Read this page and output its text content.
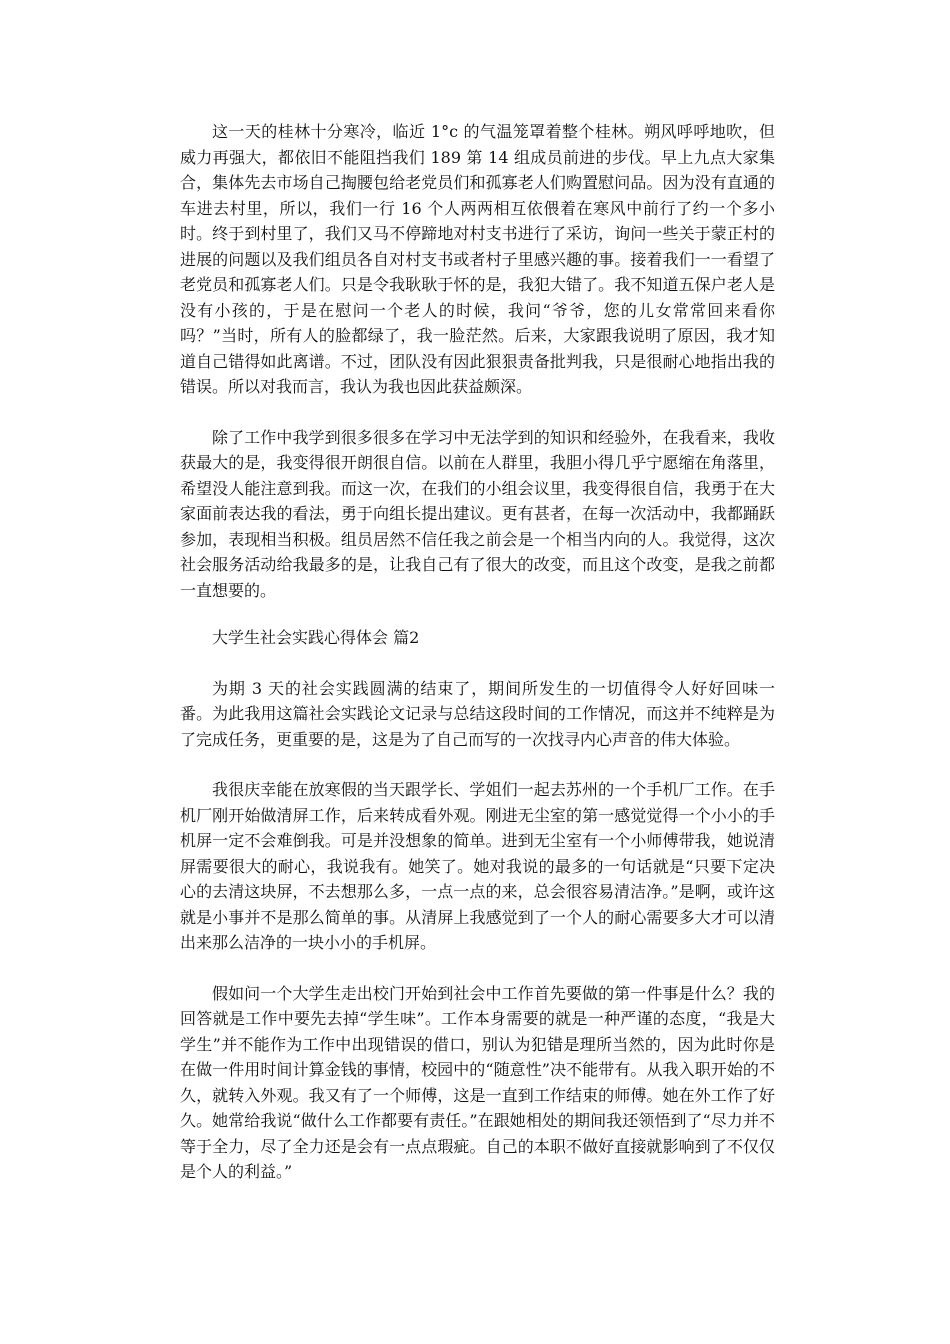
这一天的桂林十分寒冷，临近 1°c 的气温笼罩着整个桂林。朔风呼呼地吹，但威力再强大，都依旧不能阻挡我们 189 第 14 组成员前进的步伐。早上九点大家集合，集体先去市场自己掏腰包给老党员们和孤寡老人们购置慰问品。因为没有直通的车进去村里，所以，我们一行 16 个人两两相互依偎着在寒风中前行了约一个多小时。终于到村里了，我们又马不停蹄地对村支书进行了采访，询问一些关于蒙正村的进展的问题以及我们组员各自对村支书或者村子里感兴趣的事。接着我们一一看望了老党员和孤寡老人们。只是令我耿耿于怀的是，我犯大错了。我不知道五保户老人是没有小孩的，于是在慰问一个老人的时候，我问“爷爷，您的儿女常常回来看你吗？”当时，所有人的脸都绿了，我一脸茫然。后来，大家跟我说明了原因，我才知道自己错得如此离谱。不过，团队没有因此狠狠责备批判我，只是很耐心地指出我的错误。所以对我而言，我认为我也因此获益颇深。

除了工作中我学到很多很多在学习中无法学到的知识和经验外，在我看来，我收获最大的是，我变得很开朗很自信。以前在人群里，我胆小得几乎宁愿缩在角落里，希望没人能注意到我。而这一次，在我们的小组会议里，我变得很自信，我勇于在大家面前表达我的看法，勇于向组长提出建议。更有甚者，在每一次活动中，我都踊跃参加，表现相当积极。组员居然不信任我之前会是一个相当内向的人。我觉得，这次社会服务活动给我最多的是，让我自己有了很大的改变，而且这个改变，是我之前都一直想要的。

大学生社会实践心得体会 篇2

为期 3 天的社会实践圆满的结束了，期间所发生的一切值得令人好好回味一番。为此我用这篇社会实践论文记录与总结这段时间的工作情况，而这并不纯粹是为了完成任务，更重要的是，这是为了自己而写的一次找寻内心声音的伟大体验。

我很庆幸能在放寒假的当天跟学长、学姐们一起去苏州的一个手机厂工作。在手机厂刚开始做清屏工作，后来转成看外观。刚进无尘室的第一感觉觉得一个小小的手机屏一定不会难倒我。可是并没想象的简单。进到无尘室有一个小师傅带我，她说清屏需要很大的耐心，我说我有。她笑了。她对我说的最多的一句话就是“只要下定决心的去清这块屏，不去想那么多，一点一点的来，总会很容易清洁净。”是啊，或许这就是小事并不是那么简单的事。从清屏上我感觉到了一个人的耐心需要多大才可以清出来那么洁净的一块小小的手机屏。

假如问一个大学生走出校门开始到社会中工作首先要做的第一件事是什么？我的回答就是工作中要先去掉“学生味”。工作本身需要的就是一种严谨的态度，“我是大学生”并不能作为工作中出现错误的借口，别认为犯错是理所当然的，因为此时你是在做一件用时间计算金钱的事情，校园中的“随意性”决不能带有。从我入职开始的不久，就转入外观。我又有了一个师傅，这是一直到工作结束的师傅。她在外工作了好久。她常给我说“做什么工作都要有责任。”在跟她相处的期间我还领悟到了“尽力并不等于全力，尽了全力还是会有一点点瑕疵。自己的本职不做好直接就影响到了不仅仅是个人的利益。”
